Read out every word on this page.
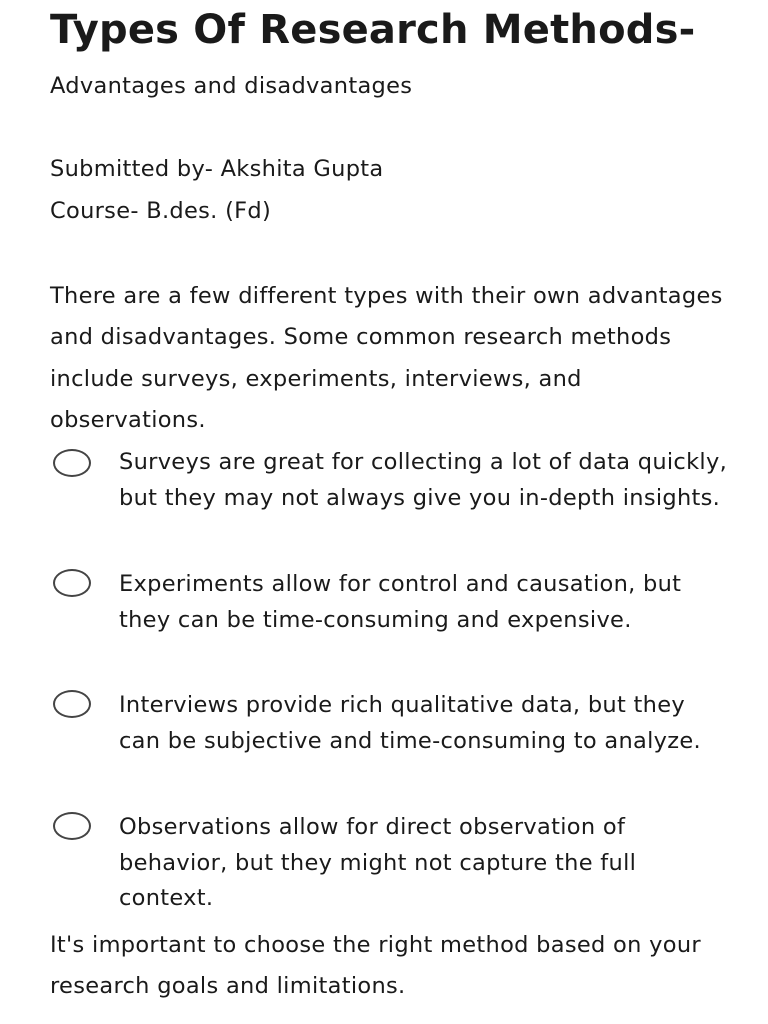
Types Of Research Methods-

Advantages and disadvantages

Submitted by- Akshita Gupta

Course- B.des. (Fd)

There are a few different types with their own advantages and disadvantages. Some common research methods include surveys, experiments, interviews, and observations.

Surveys are great for collecting a lot of data quickly, but they may not always give you in-depth insights.

Experiments allow for control and causation, but they can be time-consuming and expensive.

Interviews provide rich qualitative data, but they can be subjective and time-consuming to analyze.

Observations allow for direct observation of behavior, but they might not capture the full context.

It's important to choose the right method based on your research goals and limitations.
